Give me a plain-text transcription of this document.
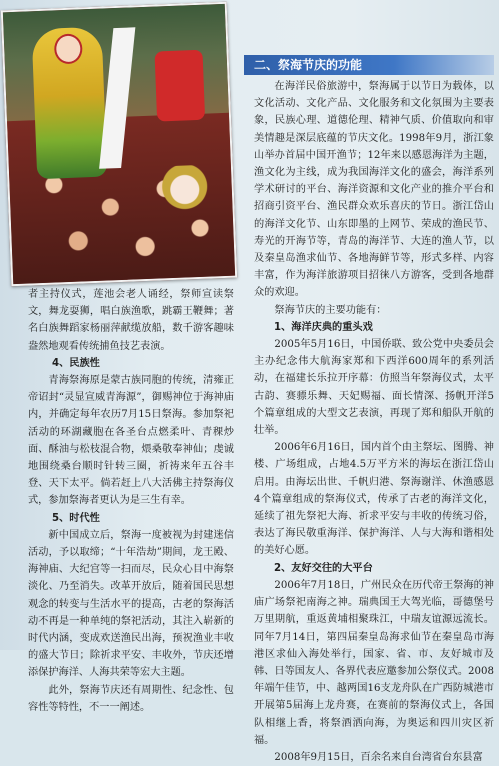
二、祭海节庆的功能

在海洋民俗旅游中，祭海属于以节日为载体，以文化活动、文化产品、文化服务和文化氛围为主要表象，民族心理、道德伦理、精神气质、价值取向和审美情趣是深层底蕴的节庆文化。1998年9月，浙江象山举办首届中国开渔节；12年来以感恩海洋为主题，渔文化为主线，成为我国海洋文化的盛会，海洋系列学术研讨的平台、海洋资源和文化产业的推介平台和招商引资平台、渔民群众欢乐喜庆的节日。浙江岱山的海洋文化节、山东即墨的上网节、荣成的渔民节、寿光的开海节等，青岛的海洋节、大连的渔人节，以及秦皇岛渔求仙节、各地海鲜节等，形式多样、内容丰富，作为海洋旅游项目招徕八方游客，受到各地群众的欢迎。

祭海节庆的主要功能有：

1、海洋庆典的重头戏

2005年5月16日，中国侨联、致公党中央委员会主办纪念伟大航海家郑和下西洋600周年的系列活动，在福建长乐拉开序幕：仿照当年祭海仪式，太平古韵、赛骠乐舞、天妃赐福、面长情深、扬帆开洋5个篇章组成的大型文艺表演，再现了郑和船队开航的壮举。

2006年6月16日，国内首个由主祭坛、图腾、神楼、广场组成，占地4.5万平方米的海坛在浙江岱山启用。由海坛出世、千帆归港、祭海谢洋、休渔感恩4个篇章组成的祭海仪式，传承了古老的海洋文化，延续了祖先祭祀大海、祈求平安与丰收的传统习俗，表达了海民敬重海洋、保护海洋、人与大海和谐相处的美好心愿。

2、友好交往的大平台

2006年7月18日，广州民众在历代帝王祭海的神庙广场祭祀南海之神。瑞典国王大驾光临，哥德堡号万里期航，重返黄埔相聚珠江，中瑞友谊源远流长。同年7月14日，第四届秦皇岛海求仙节在秦皇岛市海港区求仙入海处举行，国家、省、市、友好城市及韩、日等国友人、各界代表应邀参加公祭仪式。2008年端午佳节，中、越两国16支龙舟队在广西防城港市开展第5届海上龙舟赛，在赛前的祭海仪式上，各国队相继上香，将祭酒洒向海，为奥运和四川灾区祈福。

2008年9月15日，百余名来自台湾省台东县富

者主持仪式，莲池会老人诵经，祭师宣读祭文，舞龙耍狮，唱白族渔歌，跳霸王鞭舞；著名白族舞蹈家杨丽萍献缆放船，数千游客趣味盎然地观看传统捕鱼技艺表演。

4、民族性

青海祭海原是蒙古族同胞的传统，清雍正帝诏封“灵显宣威青海源”，御赐神位于海神庙内，并确定每年农历7月15日祭海。参加祭祀活动的环湖藏胞在各圣台点燃柔叶、青稞炒面、酥油与松枝混合物，煨桑敬奉神仙；虔诚地围绕桑台顺时针转三圈，祈祷来年五谷丰登、天下太平。倘若赶上八大活佛主持祭海仪式，参加祭海者更认为是三生有幸。

5、时代性

新中国成立后，祭海一度被视为封建迷信活动，予以取缔；“十年浩劫”期间，龙王殿、海神庙、大纪宫等一扫而尽，民众心目中海祭淡化、乃至消失。改革开放后，随着国民思想观念的转变与生活水平的提高，古老的祭海活动不再是一种单纯的祭祀活动，其注入崭新的时代内涵，变成欢送渔民出海，预祝渔业丰收的盛大节日；除祈求平安、丰收外，节庆还增添保护海洋、人海共荣等宏大主题。

此外，祭海节庆还有周期性、纪念性、包容性等特性，不一一阐述。
